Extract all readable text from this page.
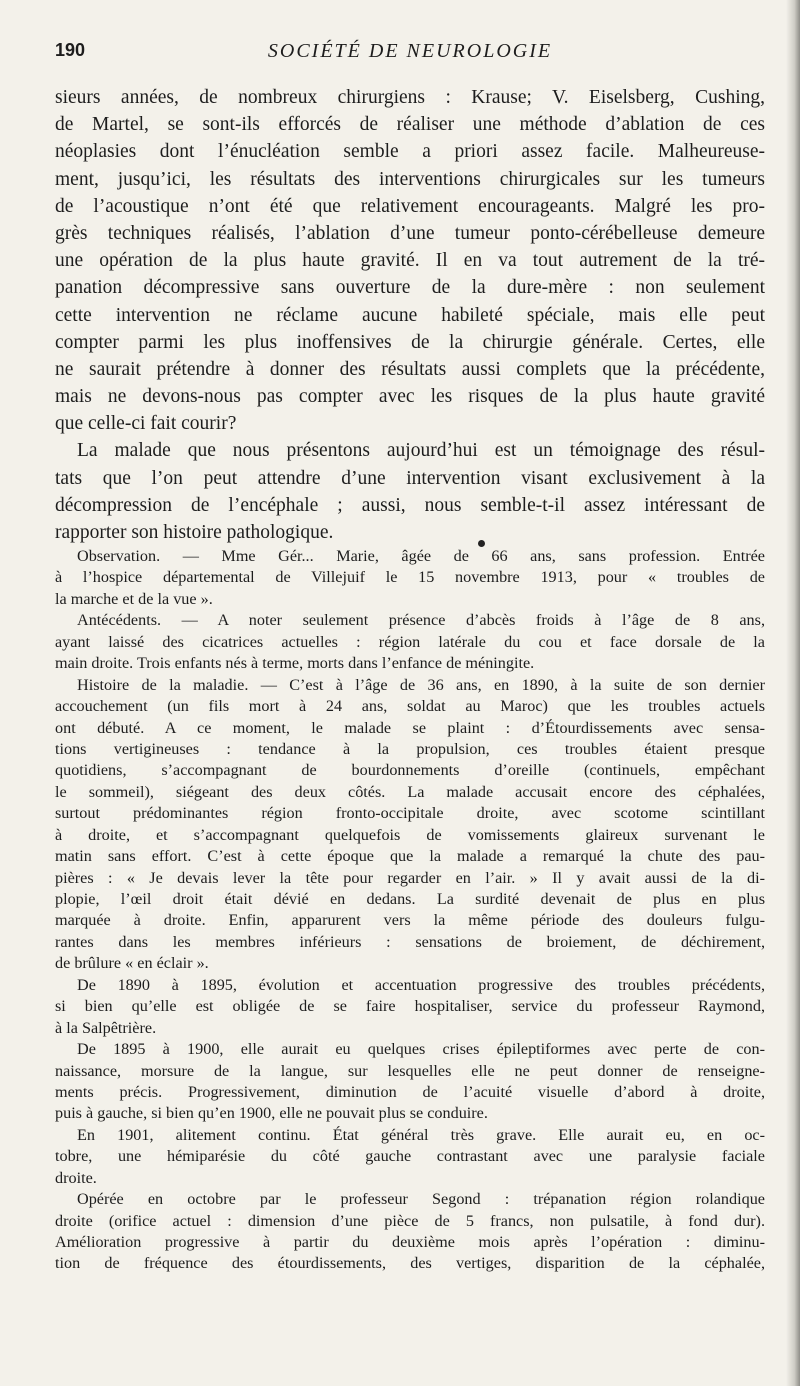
190	SOCIÉTÉ DE NEUROLOGIE
sieurs années, de nombreux chirurgiens : Krause; V. Eiselsberg, Cushing,
de Martel, se sont-ils efforcés de réaliser une méthode d’ablation de ces
néoplasies dont l’énucléation semble a priori assez facile. Malheureuse-
ment, jusqu’ici, les résultats des interventions chirurgicales sur les tumeurs
de l’acoustique n’ont été que relativement encourageants. Malgré les pro-
grès techniques réalisés, l’ablation d’une tumeur ponto-cérébelleuse demeure
une opération de la plus haute gravité. Il en va tout autrement de la tré-
panation décompressive sans ouverture de la dure-mère : non seulement
cette intervention ne réclame aucune habileté spéciale, mais elle peut
compter parmi les plus inoffensives de la chirurgie générale. Certes, elle
ne saurait prétendre à donner des résultats aussi complets que la précédente,
mais ne devons-nous pas compter avec les risques de la plus haute gravité
que celle-ci fait courir?
La malade que nous présentons aujourd’hui est un témoignage des résul-
tats que l’on peut attendre d’une intervention visant exclusivement à la
décompression de l’encéphale ; aussi, nous semble-t-il assez intéressant de
rapporter son histoire pathologique.
Observation. — Mme Gér... Marie, âgée de 66 ans, sans profession. Entrée
à l’hospice départemental de Villejuif le 15 novembre 1913, pour « troubles de
la marche et de la vue ».
Antécédents. — A noter seulement présence d’abcès froids à l’âge de 8 ans,
ayant laissé des cicatrices actuelles : région latérale du cou et face dorsale de la
main droite. Trois enfants nés à terme, morts dans l’enfance de méningite.
Histoire de la maladie. — C’est à l’âge de 36 ans, en 1890, à la suite de son dernier
accouchement (un fils mort à 24 ans, soldat au Maroc) que les troubles actuels
ont débuté. A ce moment, le malade se plaint : d’Étourdissements avec sensa-
tions vertigineuses : tendance à la propulsion, ces troubles étaient presque
quotidiens, s’accompagnant de bourdonnements d’oreille (continuels, empêchant
le sommeil), siégeant des deux côtés. La malade accusait encore des céphalées,
surtout prédominantes région fronto-occipitale droite, avec scotome scintillant
à droite, et s’accompagnant quelquefois de vomissements glaireux survenant le
matin sans effort. C’est à cette époque que la malade a remarqué la chute des pau-
pières : « Je devais lever la tête pour regarder en l’air. » Il y avait aussi de la di-
plopie, l’œil droit était dévié en dedans. La surdité devenait de plus en plus
marquée à droite. Enfin, apparurent vers la même période des douleurs fulgu-
rantes dans les membres inférieurs : sensations de broiement, de déchirement,
de brûlure « en éclair ».
De 1890 à 1895, évolution et accentuation progressive des troubles précédents,
si bien qu’elle est obligée de se faire hospitaliser, service du professeur Raymond,
à la Salpêtrière.
De 1895 à 1900, elle aurait eu quelques crises épileptiformes avec perte de con-
naissance, morsure de la langue, sur lesquelles elle ne peut donner de renseigne-
ments précis. Progressivement, diminution de l’acuité visuelle d’abord à droite,
puis à gauche, si bien qu’en 1900, elle ne pouvait plus se conduire.
En 1901, alitement continu. État général très grave. Elle aurait eu, en oc-
tobre, une hémiparésie du côté gauche contrastant avec une paralysie faciale
droite.
Opérée en octobre par le professeur Segond : trépanation région rolandique
droite (orifice actuel : dimension d’une pièce de 5 francs, non pulsatile, à fond dur).
Amélioration progressive à partir du deuxième mois après l’opération : diminu-
tion de fréquence des étourdissements, des vertiges, disparition de la céphalée,
